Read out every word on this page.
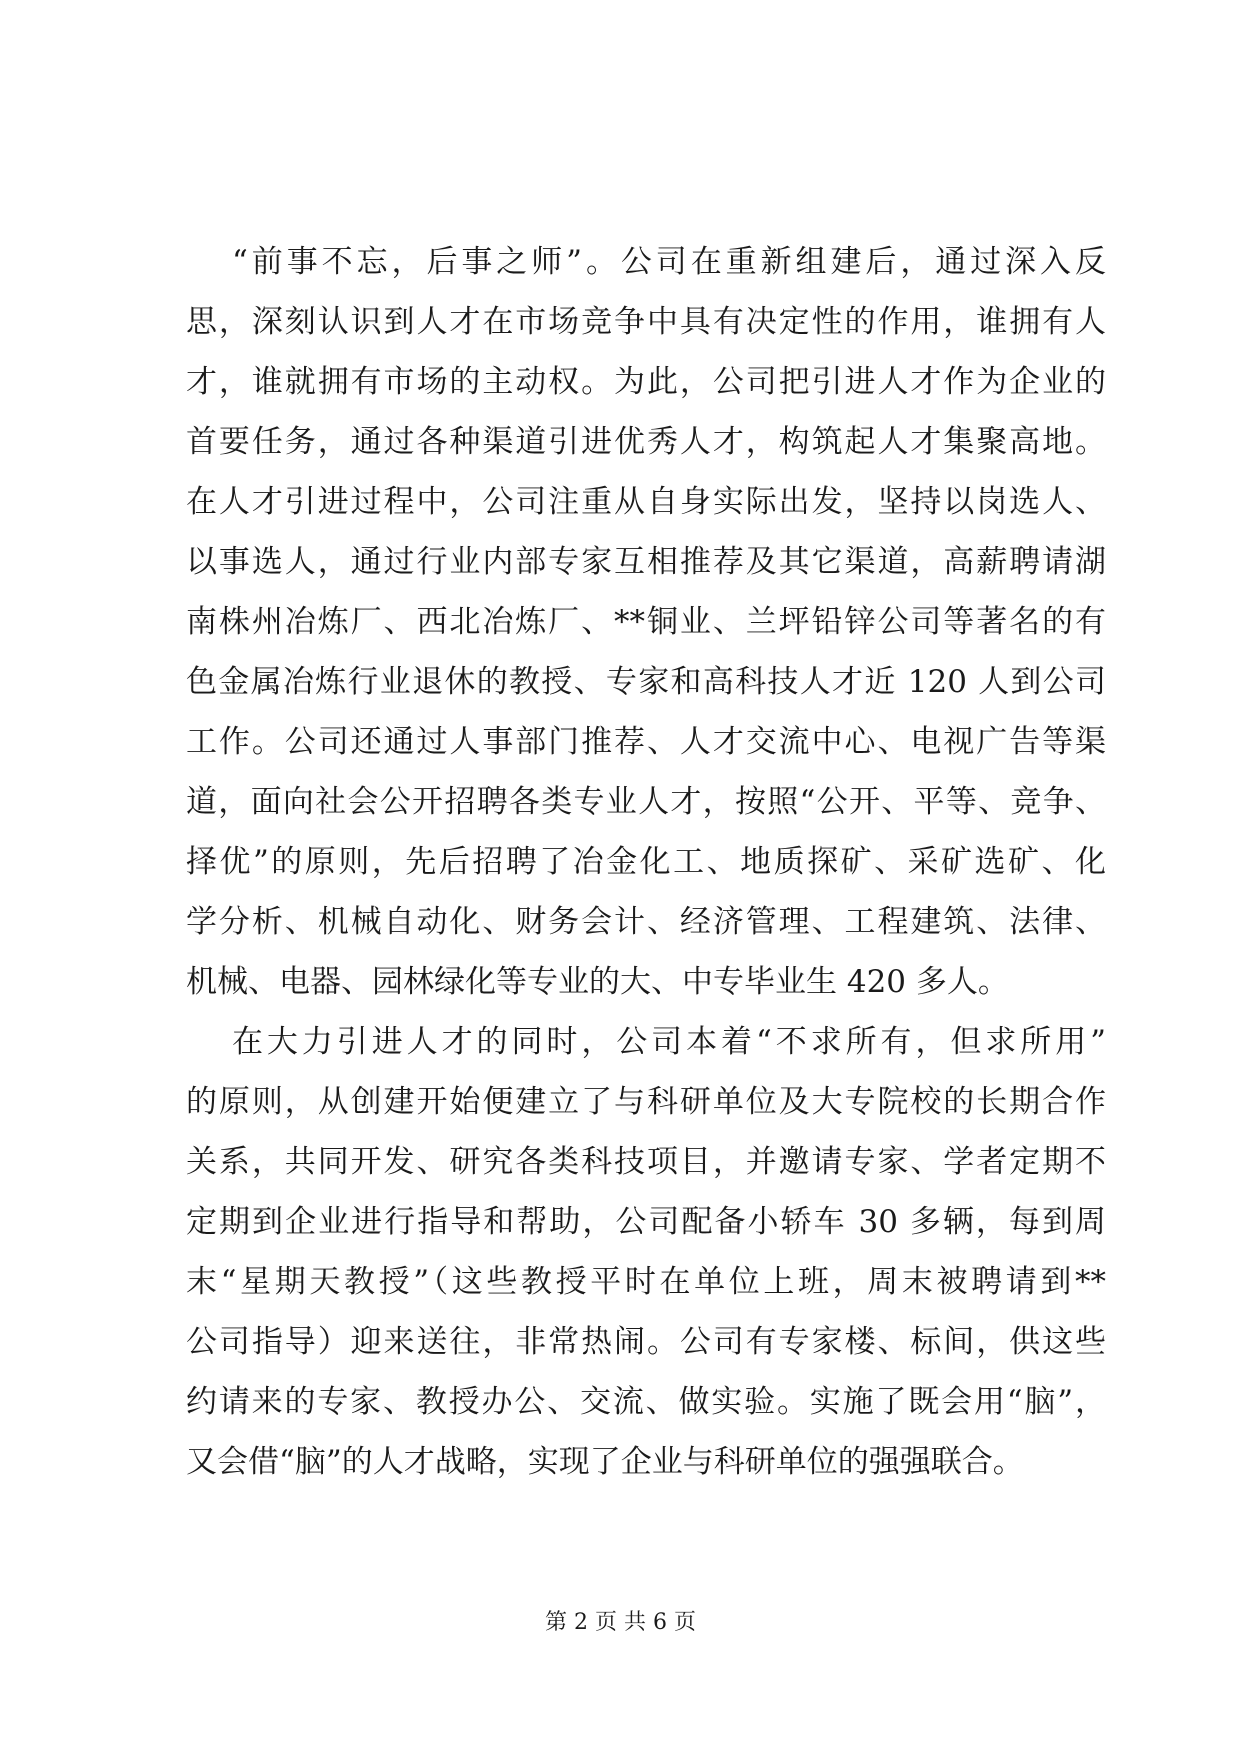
“前事不忘，后事之师”。公司在重新组建后，通过深入反
思，深刻认识到人才在市场竞争中具有决定性的作用，谁拥有人
才，谁就拥有市场的主动权。为此，公司把引进人才作为企业的
首要任务，通过各种渠道引进优秀人才，构筑起人才集聚高地。
在人才引进过程中，公司注重从自身实际出发，坚持以岗选人、
以事选人，通过行业内部专家互相推荐及其它渠道，高薪聘请湖
南株州冶炼厂、西北冶炼厂、**铜业、兰坪铅锌公司等著名的有
色金属冶炼行业退休的教授、专家和高科技人才近 120 人到公司
工作。公司还通过人事部门推荐、人才交流中心、电视广告等渠
道，面向社会公开招聘各类专业人才，按照“公开、平等、竞争、
择优”的原则，先后招聘了冶金化工、地质探矿、采矿选矿、化
学分析、机械自动化、财务会计、经济管理、工程建筑、法律、
机械、电器、园林绿化等专业的大、中专毕业生 420 多人。
在大力引进人才的同时，公司本着“不求所有，但求所用”
的原则，从创建开始便建立了与科研单位及大专院校的长期合作
关系，共同开发、研究各类科技项目，并邀请专家、学者定期不
定期到企业进行指导和帮助，公司配备小轿车 30 多辆，每到周
末“星期天教授”（这些教授平时在单位上班，周末被聘请到**
公司指导）迎来送往，非常热闹。公司有专家楼、标间，供这些
约请来的专家、教授办公、交流、做实验。实施了既会用“脑”，
又会借“脑”的人才战略，实现了企业与科研单位的强强联合。
第 2 页 共 6 页
